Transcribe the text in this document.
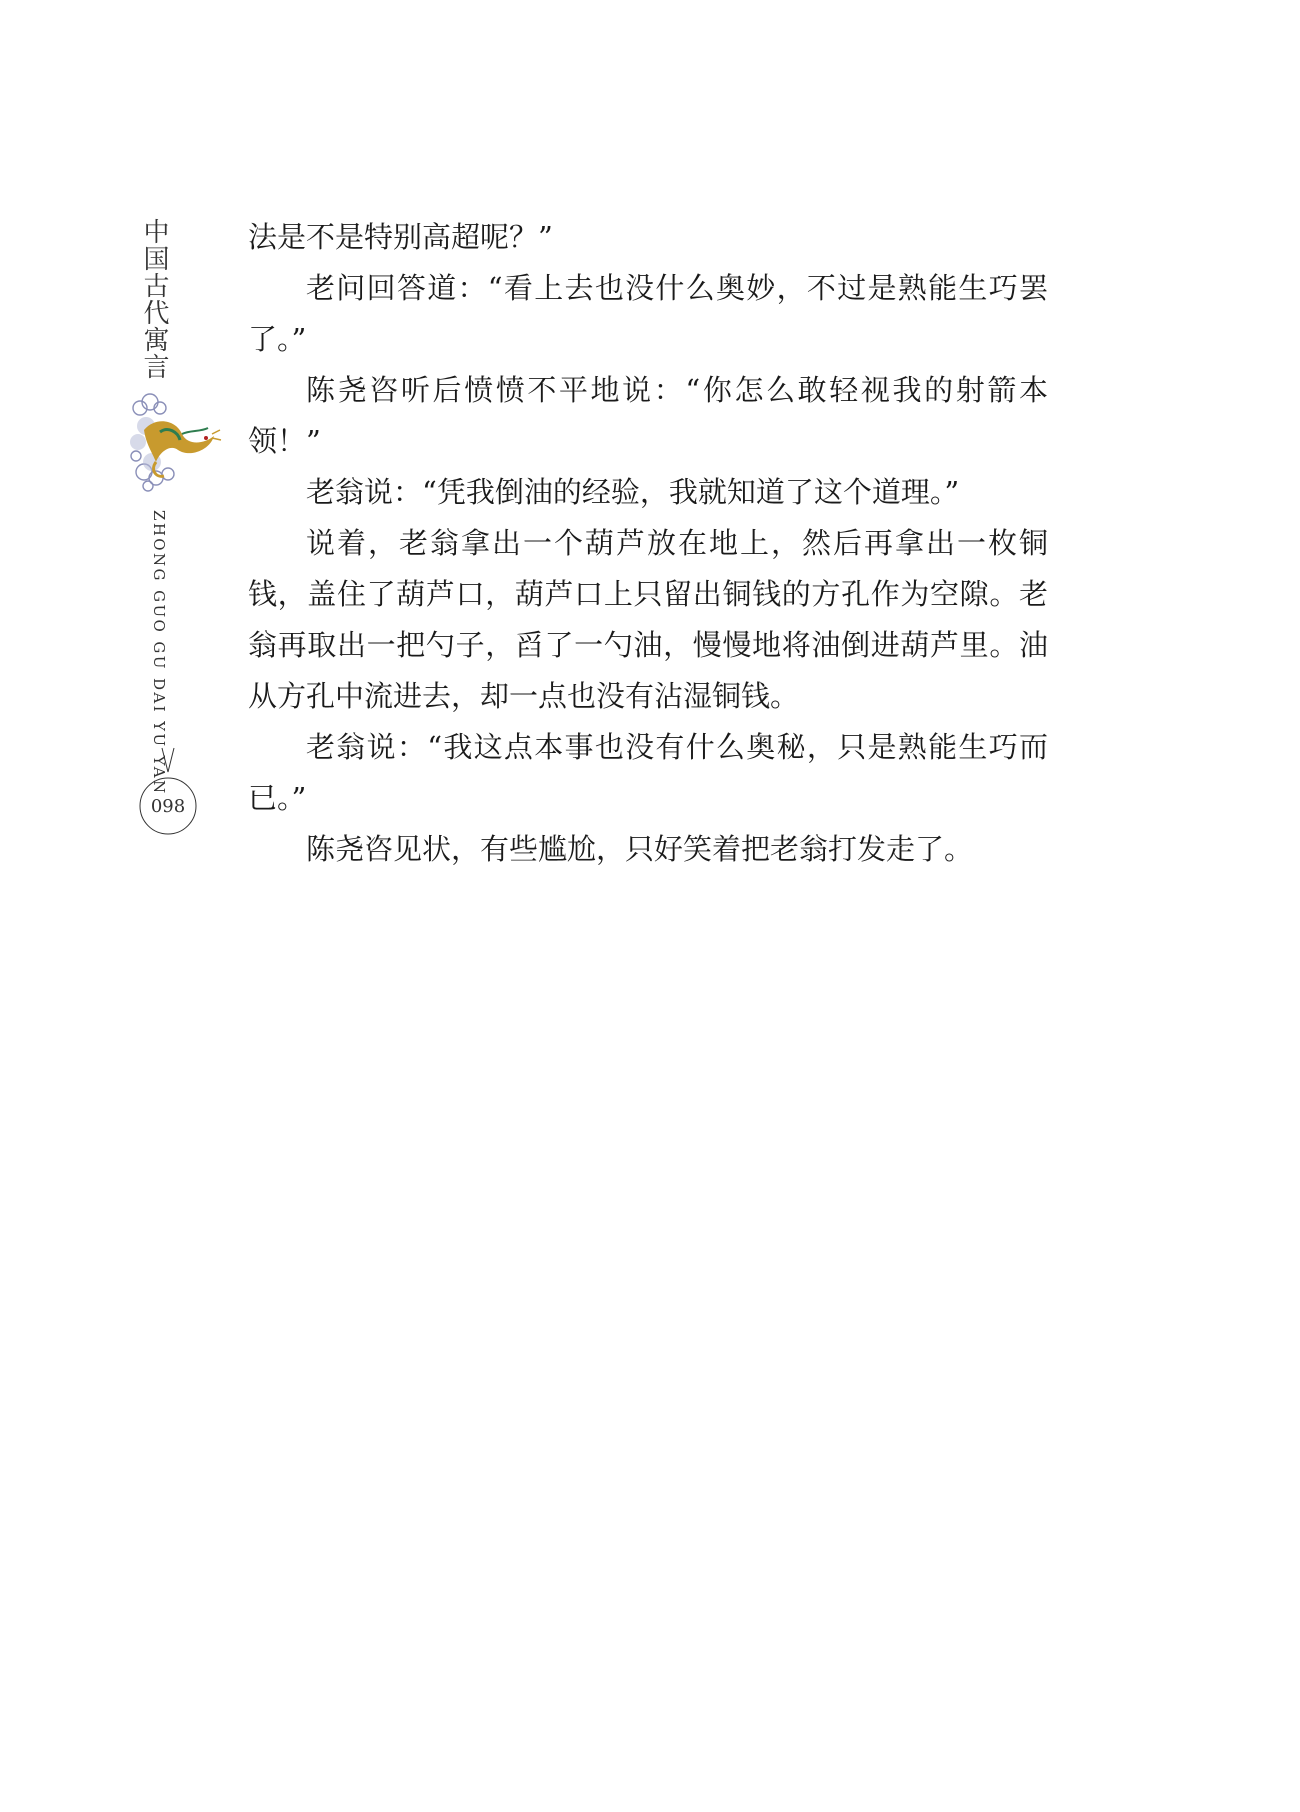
中国古代寓言
ZHONG GUO GU DAI YU YAN
098

法是不是特别高超呢？”

老问回答道：“看上去也没什么奥妙，不过是熟能生巧罢了。”

陈尧咨听后愤愤不平地说：“你怎么敢轻视我的射箭本领！”

老翁说：“凭我倒油的经验，我就知道了这个道理。”

说着，老翁拿出一个葫芦放在地上，然后再拿出一枚铜钱，盖住了葫芦口，葫芦口上只留出铜钱的方孔作为空隙。老翁再取出一把勺子，舀了一勺油，慢慢地将油倒进葫芦里。油从方孔中流进去，却一点也没有沾湿铜钱。

老翁说：“我这点本事也没有什么奥秘，只是熟能生巧而已。”

陈尧咨见状，有些尴尬，只好笑着把老翁打发走了。
